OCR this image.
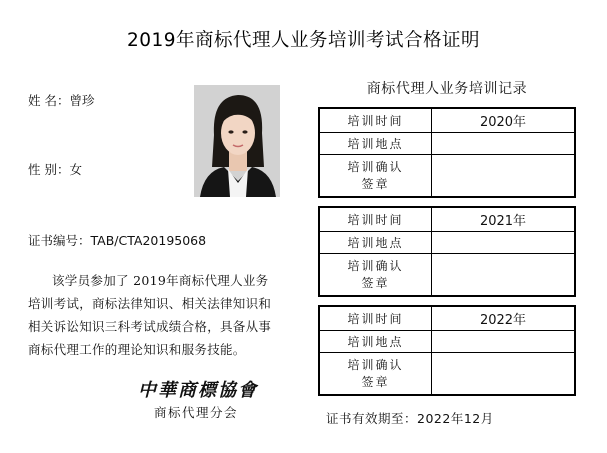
2019年商标代理人业务培训考试合格证明
姓 名：曾珍
性 别：女
证书编号：TAB/CTA20195068
该学员参加了 2019年商标代理人业务
培训考试，商标法律知识、相关法律知识和
相关诉讼知识三科考试成绩合格，具备从事
商标代理工作的理论知识和服务技能。
中華商標協會
商标代理分会
商标代理人业务培训记录
培训时间	2020年
培训地点
培训确认
签章
培训时间	2021年
培训地点
培训确认
签章
培训时间	2022年
培训地点
培训确认
签章
证书有效期至：2022年12月
